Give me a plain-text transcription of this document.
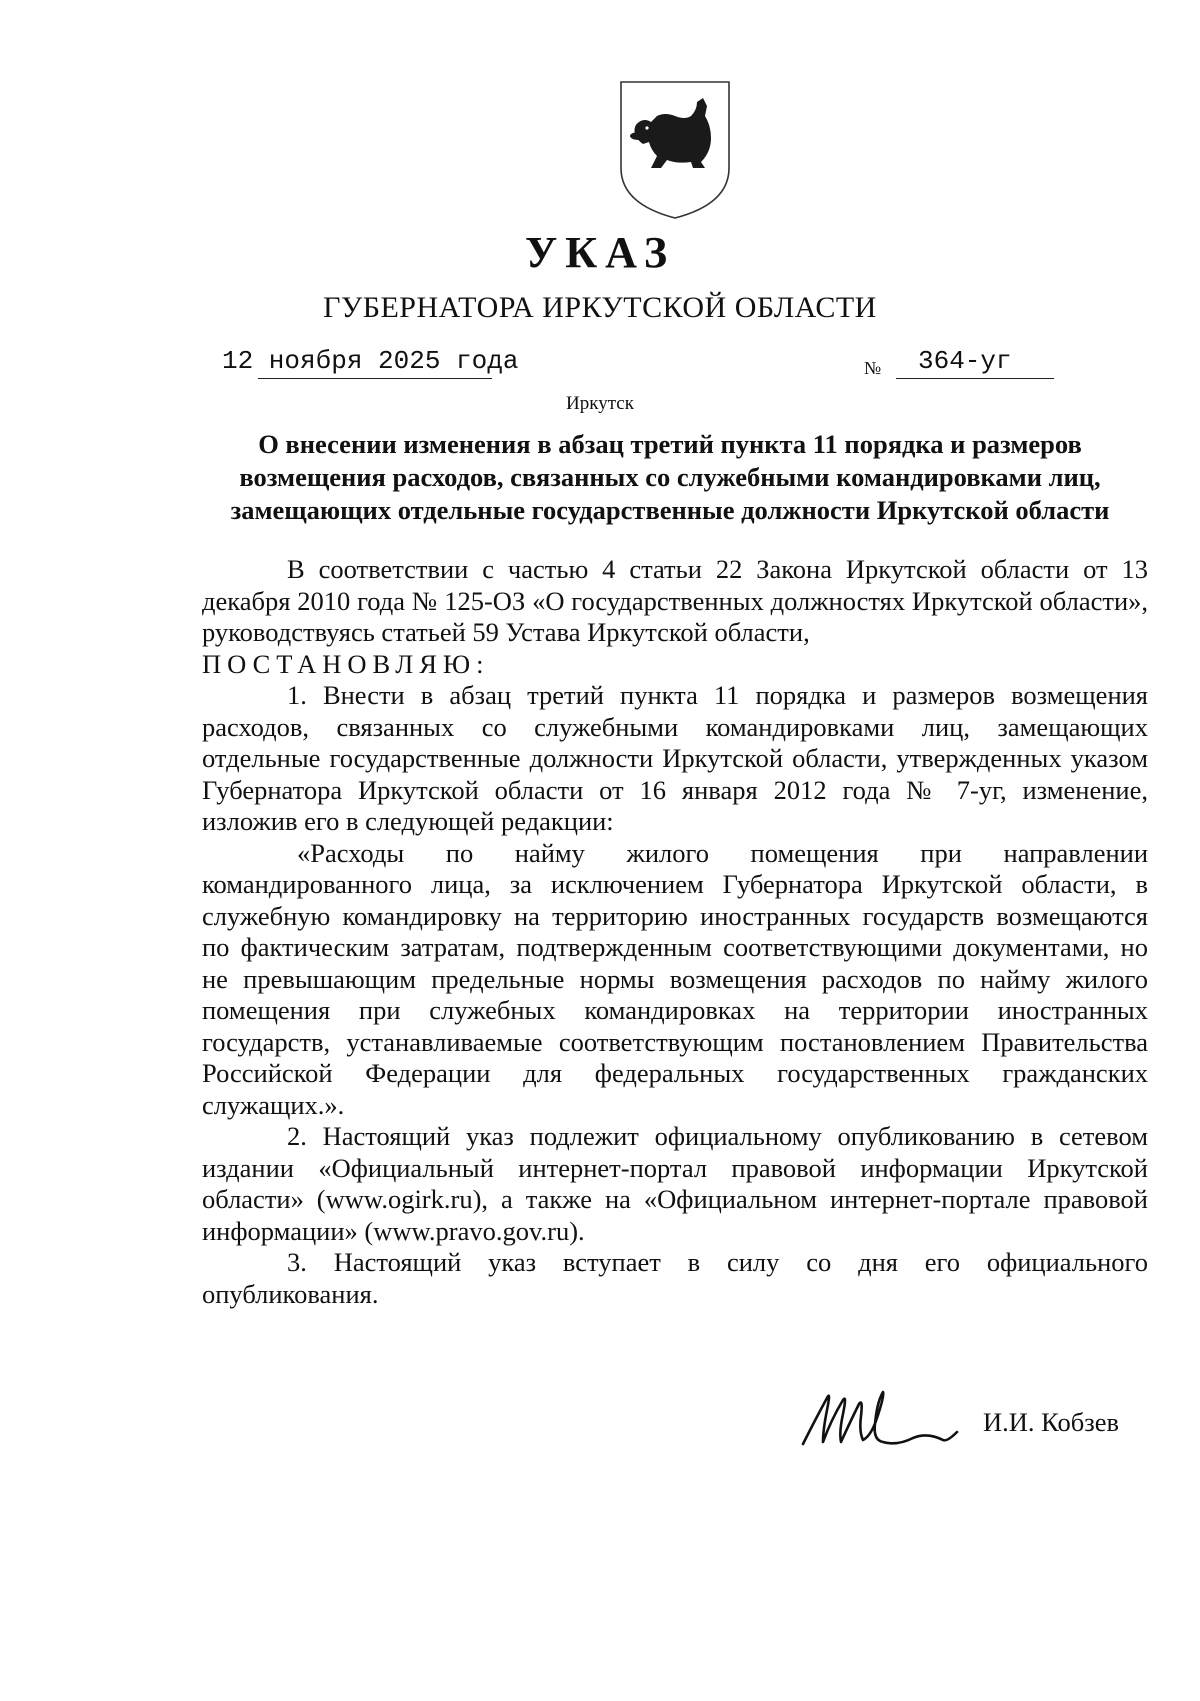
УКАЗ
ГУБЕРНАТОРА ИРКУТСКОЙ ОБЛАСТИ
12 ноября 2025 года	№ 364-уг
Иркутск
О внесении изменения в абзац третий пункта 11 порядка и размеров
возмещения расходов, связанных со служебными командировками лиц,
замещающих отдельные государственные должности Иркутской области

В соответствии с частью 4 статьи 22 Закона Иркутской области от 13 декабря 2010 года № 125-ОЗ «О государственных должностях Иркутской области», руководствуясь статьей 59 Устава Иркутской области,

ПОСТАНОВЛЯЮ:

1. Внести в абзац третий пункта 11 порядка и размеров возмещения расходов, связанных со служебными командировками лиц, замещающих отдельные государственные должности Иркутской области, утвержденных указом Губернатора Иркутской области от 16 января 2012 года № 7-уг, изменение, изложив его в следующей редакции:

«Расходы по найму жилого помещения при направлении командированного лица, за исключением Губернатора Иркутской области, в служебную командировку на территорию иностранных государств возмещаются по фактическим затратам, подтвержденным соответствующими документами, но не превышающим предельные нормы возмещения расходов по найму жилого помещения при служебных командировках на территории иностранных государств, устанавливаемые соответствующим постановлением Правительства Российской Федерации для федеральных государственных гражданских служащих.».

2. Настоящий указ подлежит официальному опубликованию в сетевом издании «Официальный интернет-портал правовой информации Иркутской области» (www.ogirk.ru), а также на «Официальном интернет-портале правовой информации» (www.pravo.gov.ru).

3. Настоящий указ вступает в силу со дня его официального опубликования.

И.И. Кобзев
